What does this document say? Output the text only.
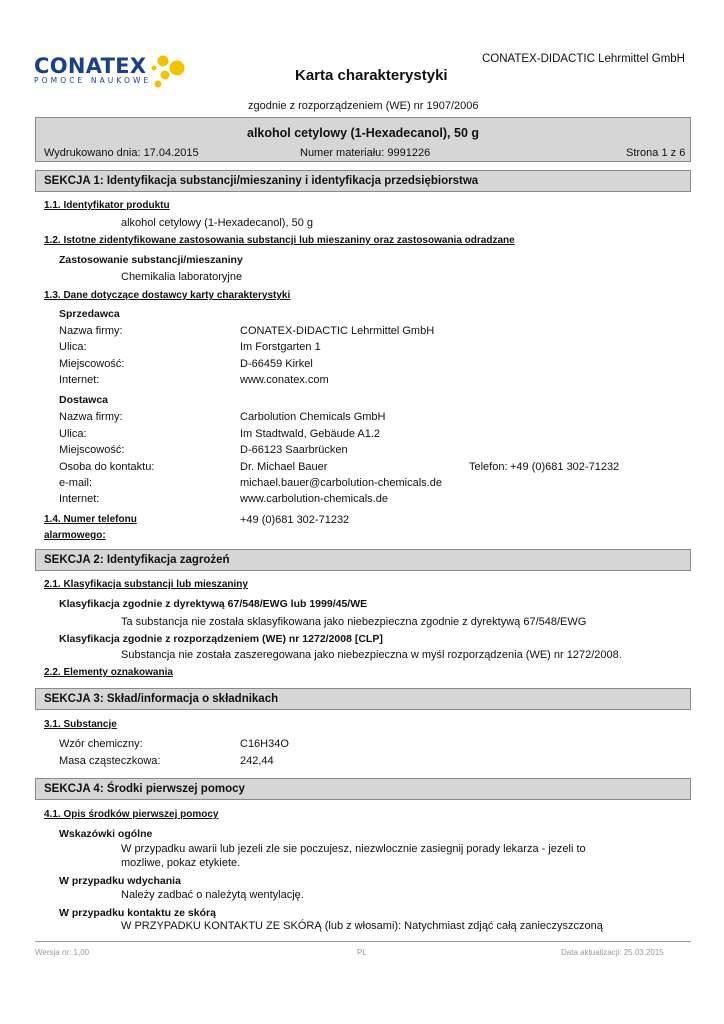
CONATEX-DIDACTIC Lehrmittel GmbH
CONATEX
POMOCE NAUKOWE	Karta charakterystyki
zgodnie z rozporządzeniem (WE) nr 1907/2006
alkohol cetylowy (1-Hexadecanol), 50 g
Wydrukowano dnia: 17.04.2015	Numer materiału: 9991226	Strona 1 z 6
SEKCJA 1: Identyfikacja substancji/mieszaniny i identyfikacja przedsiębiorstwa
1.1. Identyfikator produktu
alkohol cetylowy (1-Hexadecanol), 50 g
1.2. Istotne zidentyfikowane zastosowania substancji lub mieszaniny oraz zastosowania odradzane
Zastosowanie substancji/mieszaniny
Chemikalia laboratoryjne
1.3. Dane dotyczące dostawcy karty charakterystyki
Sprzedawca
Nazwa firmy:	CONATEX-DIDACTIC Lehrmittel GmbH
Ulica:	Im Forstgarten 1
Miejscowość:	D-66459 Kirkel
Internet:	www.conatex.com
Dostawca
Nazwa firmy:	Carbolution Chemicals GmbH
Ulica:	Im Stadtwald, Gebäude A1.2
Miejscowość:	D-66123 Saarbrücken
Osoba do kontaktu:	Dr. Michael Bauer	Telefon: +49 (0)681 302-71232
e-mail:	michael.bauer@carbolution-chemicals.de
Internet:	www.carbolution-chemicals.de
1.4. Numer telefonu
alarmowego:
+49 (0)681 302-71232
SEKCJA 2: Identyfikacja zagrożeń
2.1. Klasyfikacja substancji lub mieszaniny
Klasyfikacja zgodnie z dyrektywą 67/548/EWG lub 1999/45/WE
Ta substancja nie została sklasyfikowana jako niebezpieczna zgodnie z dyrektywą 67/548/EWG
Klasyfikacja zgodnie z rozporządzeniem (WE) nr 1272/2008 [CLP]
Substancja nie została zaszeregowana jako niebezpieczna w myśl rozporządzenia (WE) nr 1272/2008.
2.2. Elementy oznakowania
SEKCJA 3: Skład/informacja o składnikach
3.1. Substancje
Wzór chemiczny:	C16H34O
Masa cząsteczkowa:	242,44
SEKCJA 4: Środki pierwszej pomocy
4.1. Opis środków pierwszej pomocy
Wskazówki ogólne
W przypadku awarii lub jezeli zle sie poczujesz, niezwlocznie zasiegnij porady lekarza - jezeli to
mozliwe, pokaz etykiete.
W przypadku wdychania
Należy zadbać o należytą wentylację.
W przypadku kontaktu ze skórą
W PRZYPADKU KONTAKTU ZE SKÓRĄ (lub z włosami): Natychmiast zdjąć całą zanieczyszczoną
Wersja nr: 1,00	PL	Data aktualizacji: 25.03.2015
